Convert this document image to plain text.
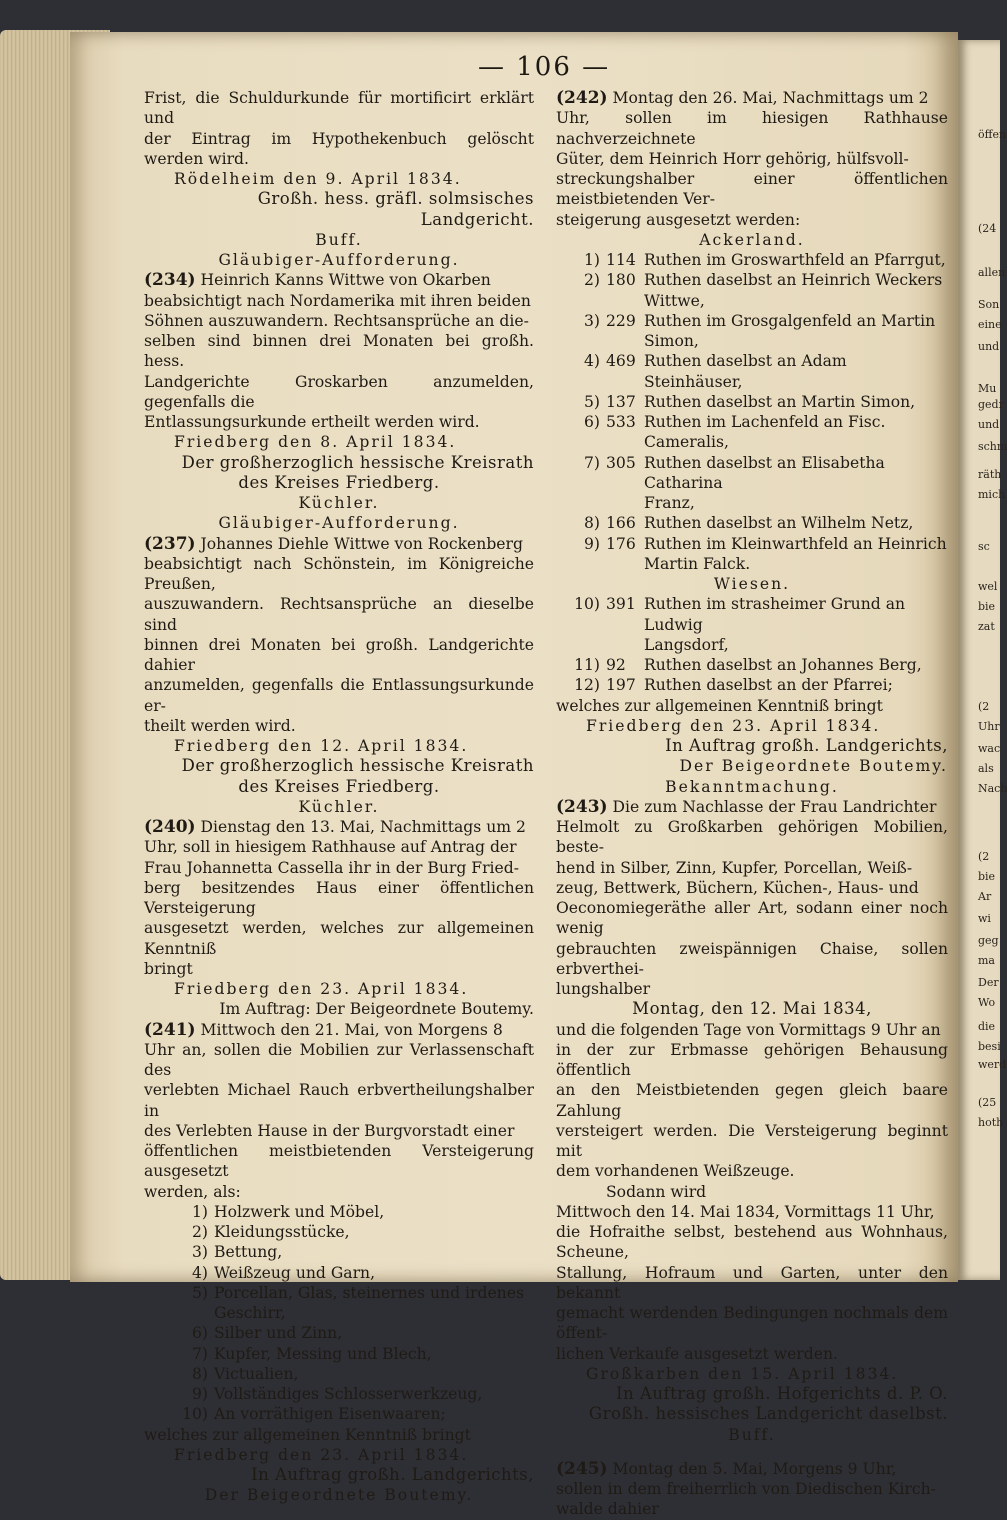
öffen
(24
allen
Son
eine
und
Mu
gedr
und
schm
räth
mich
sc
wel
bie
zat
(2
Uhr
wac
als
Nach
(2
bie
Ar
wi
geg
ma
Der
Wo
die
besi
werd
(25
hoth
— 106 —

Frist, die Schuldurkunde für mortificirt erklärt und

der Eintrag im Hypothekenbuch gelöscht werden wird.

Rödelheim den 9. April 1834.

Großh. hess. gräfl. solmsisches Landgericht.

Buff.

Gläubiger-Aufforderung.

(234) Heinrich Kanns Wittwe von Okarben

beabsichtigt nach Nordamerika mit ihren beiden

Söhnen auszuwandern. Rechtsansprüche an die-

selben sind binnen drei Monaten bei großh. hess.

Landgerichte Groskarben anzumelden, gegenfalls die

Entlassungsurkunde ertheilt werden wird.

Friedberg den 8. April 1834.

Der großherzoglich hessische Kreisrath

des Kreises Friedberg.

Küchler.

Gläubiger-Aufforderung.

(237) Johannes Diehle Wittwe von Rockenberg

beabsichtigt nach Schönstein, im Königreiche Preußen,

auszuwandern. Rechtsansprüche an dieselbe sind

binnen drei Monaten bei großh. Landgerichte dahier

anzumelden, gegenfalls die Entlassungsurkunde er-

theilt werden wird.

Friedberg den 12. April 1834.

Der großherzoglich hessische Kreisrath

des Kreises Friedberg.

Küchler.

(240) Dienstag den 13. Mai, Nachmittags um 2

Uhr, soll in hiesigem Rathhause auf Antrag der

Frau Johannetta Cassella ihr in der Burg Fried-

berg besitzendes Haus einer öffentlichen Versteigerung

ausgesetzt werden, welches zur allgemeinen Kenntniß

bringt

Friedberg den 23. April 1834.

Im Auftrag: Der Beigeordnete Boutemy.

(241) Mittwoch den 21. Mai, von Morgens 8

Uhr an, sollen die Mobilien zur Verlassenschaft des

verlebten Michael Rauch erbvertheilungshalber in

des Verlebten Hause in der Burgvorstadt einer

öffentlichen meistbietenden Versteigerung ausgesetzt

werden, als:

1) Holzwerk und Möbel,
2) Kleidungsstücke,
3) Bettung,
4) Weißzeug und Garn,
5) Porcellan, Glas, steinernes und irdenes
Geschirr,
6) Silber und Zinn,
7) Kupfer, Messing und Blech,
8) Victualien,
9) Vollständiges Schlosserwerkzeug,
10) An vorräthigen Eisenwaaren;

welches zur allgemeinen Kenntniß bringt

Friedberg den 23. April 1834.

In Auftrag großh. Landgerichts,

Der Beigeordnete Boutemy.

(242) Montag den 26. Mai, Nachmittags um 2

Uhr, sollen im hiesigen Rathhause nachverzeichnete

Güter, dem Heinrich Horr gehörig, hülfsvoll-

streckungshalber einer öffentlichen meistbietenden Ver-

steigerung ausgesetzt werden:

Ackerland.

1) 114 Ruthen im Groswarthfeld an Pfarrgut,
2) 180 Ruthen daselbst an Heinrich Weckers
Wittwe,
3) 229 Ruthen im Grosgalgenfeld an Martin
Simon,
4) 469 Ruthen daselbst an Adam Steinhäuser,
5) 137 Ruthen daselbst an Martin Simon,
6) 533 Ruthen im Lachenfeld an Fisc. Cameralis,
7) 305 Ruthen daselbst an Elisabetha Catharina
Franz,
8) 166 Ruthen daselbst an Wilhelm Netz,
9) 176 Ruthen im Kleinwarthfeld an Heinrich
Martin Falck.

Wiesen.

10) 391 Ruthen im strasheimer Grund an Ludwig
Langsdorf,
11) 92	Ruthen daselbst an Johannes Berg,
12) 197 Ruthen daselbst an der Pfarrei;

welches zur allgemeinen Kenntniß bringt

Friedberg den 23. April 1834.

In Auftrag großh. Landgerichts,

Der Beigeordnete Boutemy.

Bekanntmachung.

(243) Die zum Nachlasse der Frau Landrichter

Helmolt zu Großkarben gehörigen Mobilien, beste-

hend in Silber, Zinn, Kupfer, Porcellan, Weiß-

zeug, Bettwerk, Büchern, Küchen-, Haus- und

Oeconomiegeräthe aller Art, sodann einer noch wenig

gebrauchten zweispännigen Chaise, sollen erbverthei-

lungshalber

Montag, den 12. Mai 1834,

und die folgenden Tage von Vormittags 9 Uhr an

in der zur Erbmasse gehörigen Behausung öffentlich

an den Meistbietenden gegen gleich baare Zahlung

versteigert werden. Die Versteigerung beginnt mit

dem vorhandenen Weißzeuge.

Sodann wird

Mittwoch den 14. Mai 1834, Vormittags 11 Uhr,

die Hofraithe selbst, bestehend aus Wohnhaus, Scheune,

Stallung, Hofraum und Garten, unter den bekannt

gemacht werdenden Bedingungen nochmals dem öffent-

lichen Verkaufe ausgesetzt werden.

Großkarben den 15. April 1834.

In Auftrag großh. Hofgerichts d. P. O.

Großh. hessisches Landgericht daselbst.

Buff.

(245) Montag den 5. Mai, Morgens 9 Uhr,

sollen in dem freiherrlich von Diedischen Kirch-

walde dahier
